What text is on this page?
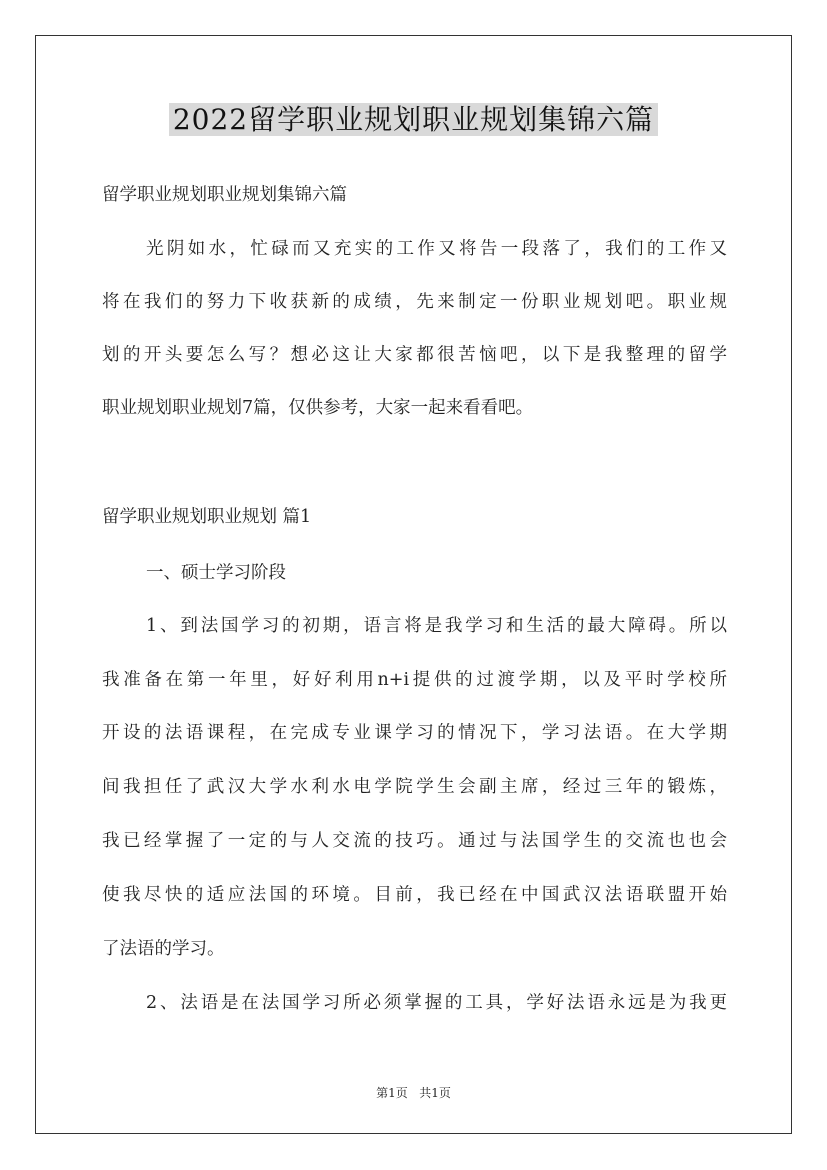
2022留学职业规划职业规划集锦六篇
留学职业规划职业规划集锦六篇
光阴如水，忙碌而又充实的工作又将告一段落了，我们的工作又
将在我们的努力下收获新的成绩，先来制定一份职业规划吧。职业规
划的开头要怎么写？想必这让大家都很苦恼吧，以下是我整理的留学
职业规划职业规划7篇，仅供参考，大家一起来看看吧。
留学职业规划职业规划 篇1
一、硕士学习阶段
1、到法国学习的初期，语言将是我学习和生活的最大障碍。所以
我准备在第一年里，好好利用n+i提供的过渡学期，以及平时学校所
开设的法语课程，在完成专业课学习的情况下，学习法语。在大学期
间我担任了武汉大学水利水电学院学生会副主席，经过三年的锻炼，
我已经掌握了一定的与人交流的技巧。通过与法国学生的交流也也会
使我尽快的适应法国的环境。目前，我已经在中国武汉法语联盟开始
了法语的学习。
2、法语是在法国学习所必须掌握的工具，学好法语永远是为我更
第1页 共1页
